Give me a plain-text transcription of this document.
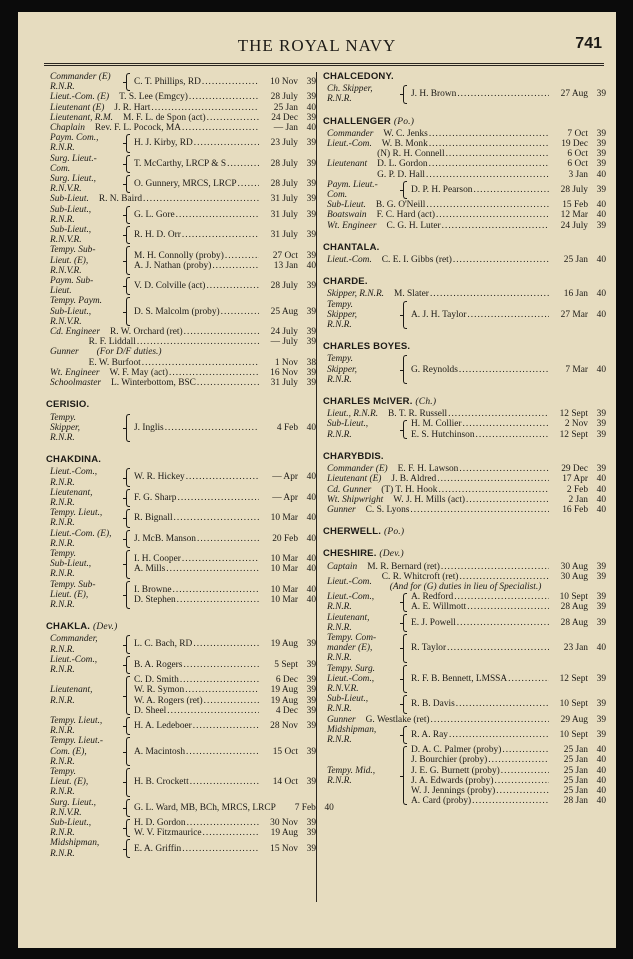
THE ROYAL NAVY	741
Commander (E)
R.N.R.
C. T. Phillips, RD .....	10 Nov 39
Lieut.-Com. (E) T. S. Lee (Emgcy) .....	28 July 39
Lieutenant (E) J. R. Hart .....	25 Jan 40
Lieutenant, R.M. M. F. L. de Spon (act) .....	24 Dec 39
Chaplain Rev. F. L. Pocock, MA .....	— Jan 40
Paym. Com.,
R.N.R.
H. J. Kirby, RD .....	23 July 39
Surg. Lieut.-
Com.
T. McCarthy, LRCP & S .....	28 July 39
Surg. Lieut.,
R.N.V.R.
O. Gunnery, MRCS, LRCP .....	28 July 39
Sub-Lieut. R. N. Baird .....	31 July 39
Sub-Lieut.,
R.N.R.
G. L. Gore .....	31 July 39
Sub-Lieut.,
R.N.V.R.
R. H. D. Orr .....	31 July 39
Tempy. Sub-
Lieut. (E),
R.N.V.R.
M. H. Connolly (proby) .....	27 Oct 39
A. J. Nathan (proby) .....	13 Jan 40
Paym. Sub-
Lieut.
V. D. Colville (act) .....	28 July 39
Tempy. Paym.
Sub-Lieut.,
R.N.V.R.
D. S. Malcolm (proby) .....	25 Aug 39
Cd. Engineer R. W. Orchard (ret) .....	24 July 39
Gunner
R. F. Liddall .....	— July 39
(For D/F duties.)
E. W. Burfoot .....	1 Nov 38
Wt. Engineer W. F. May (act) .....	16 Nov 39
Schoolmaster L. Winterbottom, BSC .....	31 July 39
CERISIO.
Tempy.
Skipper,
R.N.R.
J. Inglis .....	4 Feb 40
CHAKDINA.
Lieut.-Com.,
R.N.R.
W. R. Hickey .....	— Apr 40
Lieutenant,
R.N.R.
F. G. Sharp .....	— Apr 40
Tempy. Lieut.,
R.N.R.
R. Bignall .....	10 Mar 40
Lieut.-Com. (E),
R.N.R.
J. McB. Manson .....	20 Feb 40
Tempy.
Sub-Lieut.,
R.N.R.
I. H. Cooper .....	10 Mar 40
A. Mills .....	10 Mar 40
Tempy. Sub-
Lieut. (E),
R.N.R.
I. Browne .....	10 Mar 40
D. Stephen .....	10 Mar 40
CHAKLA. (Dev.)
Commander,
R.N.R.
L. C. Bach, RD .....	19 Aug 39
Lieut.-Com.,
R.N.R.
B. A. Rogers .....	5 Sept 39
Lieutenant,
R.N.R.
C. D. Smith .....	6 Dec 39
W. R. Symon .....	19 Aug 39
W. A. Rogers (ret) .....	19 Aug 39
D. Sheel .....	4 Dec 39
Tempy. Lieut.,
R.N.R.
H. A. Ledeboer .....	28 Nov 39
Tempy. Lieut.-
Com. (E),
R.N.R.
A. Macintosh .....	15 Oct 39
Tempy.
Lieut. (E),
R.N.R.
H. B. Crockett .....	14 Oct 39
Surg. Lieut.,
R.N.V.R.
G. L. Ward, MB, BCh, MRCS, LRCP	7 Feb 40
Sub-Lieut.,
R.N.R.
H. D. Gordon .....	30 Nov 39
W. V. Fitzmaurice .....	19 Aug 39
Midshipman,
R.N.R.
E. A. Griffin .....	15 Nov 39
CHALCEDONY.
Ch. Skipper,
R.N.R.
J. H. Brown .....	27 Aug 39
CHALLENGER (Po.)
Commander W. C. Jenks .....	7 Oct 39
Lieut.-Com. W. B. Monk .....	19 Dec 39
Lieutenant
(N) R. H. Connell .....	6 Oct 39
D. L. Gordon .....	6 Oct 39
G. P. D. Hall .....	3 Jan 40
Paym. Lieut.-
Com.
D. P. H. Pearson .....	28 July 39
Sub-Lieut. B. G. O'Neill .....	15 Feb 40
Boatswain F. C. Hard (act) .....	12 Mar 40
Wt. Engineer C. G. H. Luter .....	24 July 39
CHANTALA.
Lieut.-Com. C. E. I. Gibbs (ret) .....	25 Jan 40
CHARDE.
Skipper, R.N.R. M. Slater .....	16 Jan 40
Tempy.
Skipper,
R.N.R.
A. J. H. Taylor .....	27 Mar 40
CHARLES BOYES.
Tempy.
Skipper,
R.N.R.
G. Reynolds .....	7 Mar 40
CHARLES McIVER. (Ch.)
Lieut., R.N.R. B. T. R. Russell .....	12 Sept 39
Sub-Lieut.,
R.N.R.
H. M. Collier .....	2 Nov 39
E. S. Hutchinson .....	12 Sept 39
CHARYBDIS.
Commander (E) E. F. H. Lawson .....	29 Dec 39
Lieutenant (E) J. B. Aldred .....	17 Apr 40
Cd. Gunner (T) T. H. Hook .....	2 Feb 40
Wt. Shipwright W. J. H. Mills (act) .....	2 Jan 40
Gunner C. S. Lyons .....	16 Feb 40
CHERWELL. (Po.)
CHESHIRE. (Dev.)
Captain M. R. Bernard (ret) .....	30 Aug 39
Lieut.-Com.
C. R. Whitcroft (ret) .....	30 Aug 39
(And for (G) duties in lieu of Specialist.)
Lieut.-Com.,
R.N.R.
A. Redford .....	10 Sept 39
A. E. Willmott .....	28 Aug 39
Lieutenant,
R.N.R.
E. J. Powell .....	28 Aug 39
Tempy. Com-
mander (E),
R.N.R.
R. Taylor .....	23 Jan 40
Tempy. Surg.
Lieut.-Com.,
R.N.V.R.
R. F. B. Bennett, LMSSA .....	12 Sept 39
Sub-Lieut.,
R.N.R.
R. B. Davis .....	10 Sept 39
Gunner G. Westlake (ret) .....	29 Aug 39
Midshipman,
R.N.R.
R. A. Ray .....	10 Sept 39
Tempy. Mid.,
R.N.R.
D. A. C. Palmer (proby) .....	25 Jan 40
J. Bourchier (proby) .....	25 Jan 40
J. E. G. Burnett (proby) .....	25 Jan 40
J. A. Edwards (proby) .....	25 Jan 40
W. J. Jennings (proby) .....	25 Jan 40
A. Card (proby) .....	28 Jan 40
